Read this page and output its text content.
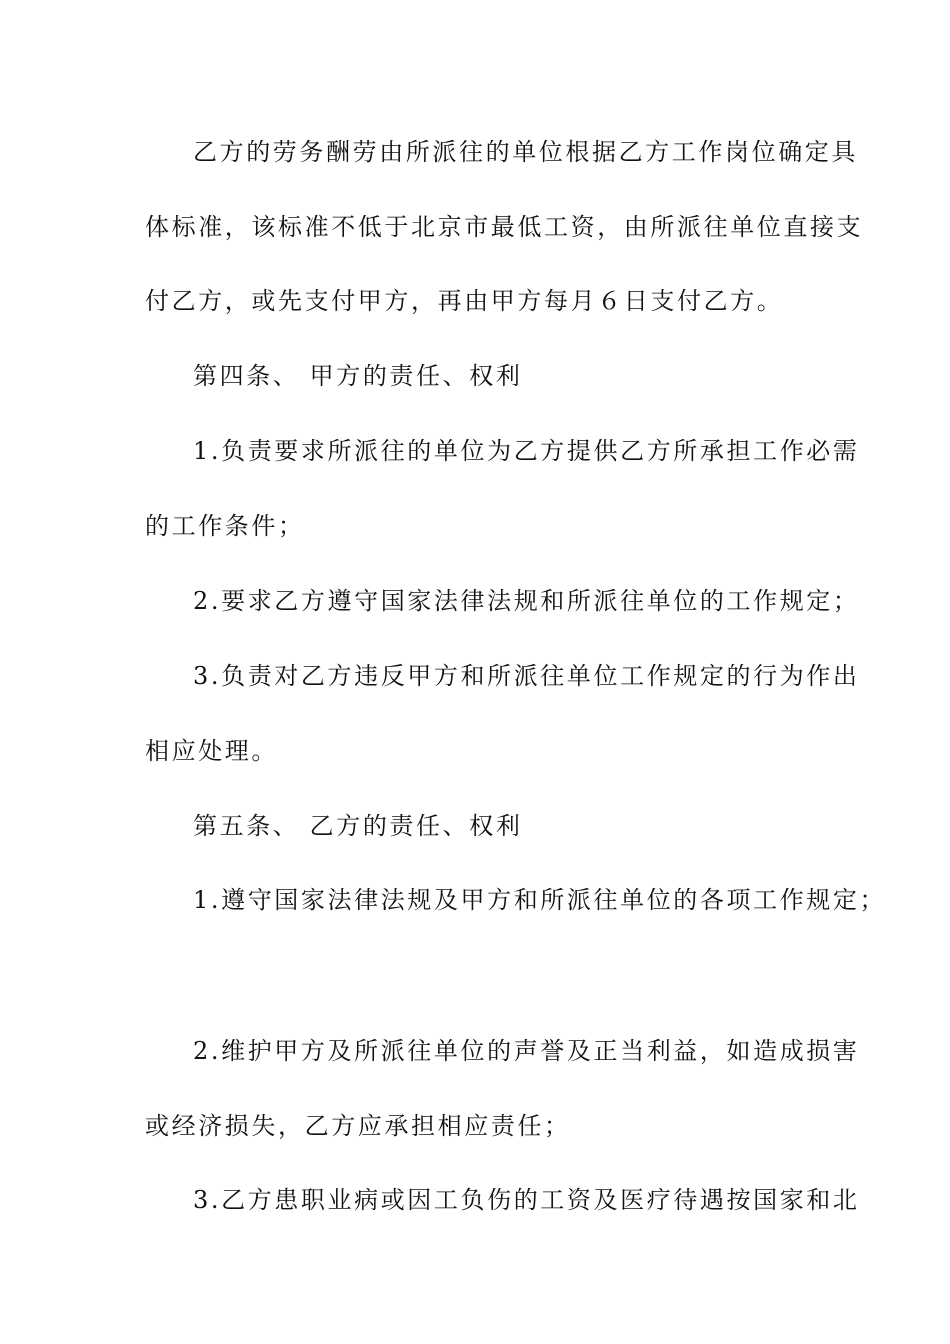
乙方的劳务酬劳由所派往的单位根据乙方工作岗位确定具
体标准，该标准不低于北京市最低工资，由所派往单位直接支
付乙方，或先支付甲方，再由甲方每月６日支付乙方。
第四条、 甲方的责任、权利
1.负责要求所派往的单位为乙方提供乙方所承担工作必需
的工作条件；
2.要求乙方遵守国家法律法规和所派往单位的工作规定；
3.负责对乙方违反甲方和所派往单位工作规定的行为作出
相应处理。
第五条、 乙方的责任、权利
1.遵守国家法律法规及甲方和所派往单位的各项工作规定；
2.维护甲方及所派往单位的声誉及正当利益，如造成损害
或经济损失，乙方应承担相应责任；
3.乙方患职业病或因工负伤的工资及医疗待遇按国家和北
